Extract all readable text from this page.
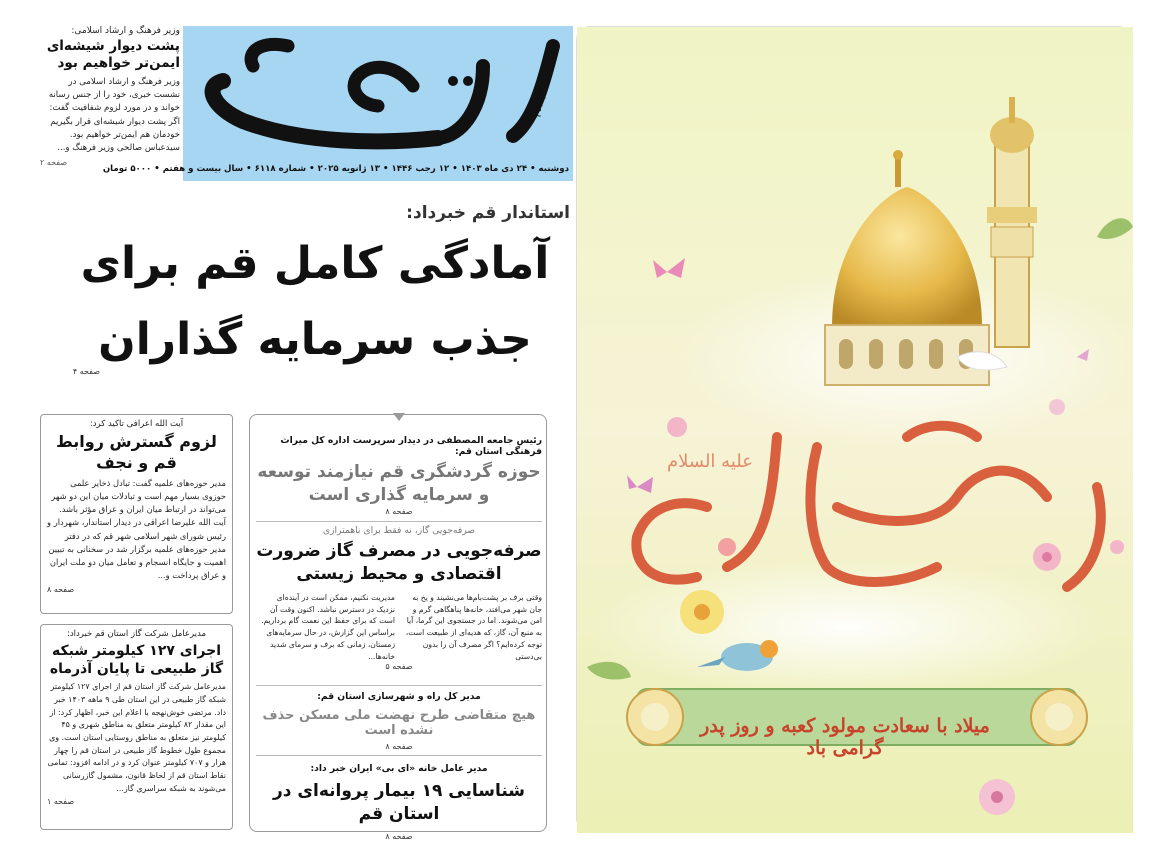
روزنامه
دوشنبه • ۲۴ دی ماه ۱۴۰۳ • ۱۲ رجب ۱۴۴۶ • ۱۳ ژانویه ۲۰۲۵ • شماره ۶۱۱۸ • سال بیست و هفتم • ۵۰۰۰ تومان
وزیر فرهنگ و ارشاد اسلامی:
پشت دیوار شیشه‌ای ایمن‌تر خواهیم بود
وزیر فرهنگ و ارشاد اسلامی در نشست خبری، خود را از جنس رسانه خواند و در مورد لزوم شفافیت گفت: اگر پشت دیوار شیشه‌ای قرار بگیریم خودمان هم ایمن‌تر خواهیم بود. سیدعباس صالحی وزیر فرهنگ و...
صفحه ۲
استاندار قم خبرداد:
آمادگی کامل قم برای
جذب سرمایه گذاران
صفحه ۴
آیت الله اعرافی تاکید کرد:
لزوم گسترش روابط قم و نجف
مدیر حوزه‌های علمیه گفت: تبادل ذخایر علمی حوزوی بسیار مهم است و تبادلات میان این دو شهر می‌تواند در ارتباط میان ایران و عراق مؤثر باشد. آیت الله علیرضا اعرافی در دیدار استاندار، شهردار و رئیس شورای شهر اسلامی شهر قم که در دفتر مدیر حوزه‌های علمیه برگزار شد در سخنانی به تبیین اهمیت و جایگاه انسجام و تعامل میان دو ملت ایران و عراق پرداخت و...
صفحه ۸
مدیرعامل شرکت گاز استان قم خبرداد:
اجرای ۱۲۷ کیلومتر شبکه گاز طبیعی تا پایان آذرماه
مدیرعامل شرکت گاز استان قم از اجرای ۱۲۷ کیلومتر شبکه گاز طبیعی در این استان طی ۹ ماهه ۱۴۰۳ خبر داد. مرتضی خوش‌نهجه با اعلام این خبر، اظهار کرد: از این مقدار ۸۲ کیلومتر متعلق به مناطق شهری و ۴۵ کیلومتر نیز متعلق به مناطق روستایی استان است. وی مجموع طول خطوط گاز طبیعی در استان قم را چهار هزار و ۷۰۷ کیلومتر عنوان کرد و در ادامه افزود: تمامی نقاط استان قم از لحاظ قانون، مشمول گازرسانی می‌شوند به شبکه سراسری گاز...
صفحه ۱
رئیس جامعه المصطفی در دیدار سرپرست اداره کل میراث فرهنگی استان قم:
حوزه گردشگری قم نیازمند توسعه و سرمایه گذاری است
صفحه ۸
صرفه‌جویی گاز، نه فقط برای ناهمترازی
صرفه‌جویی در مصرف گاز ضرورت اقتصادی و محیط زیستی
وقتی برف بر پشت‌بام‌ها می‌نشیند و یخ به جان شهر می‌افتد، خانه‌ها پناهگاهی گرم و امن می‌شوند. اما در جستجوی این گرما، آیا به منبع آن، گاز، که هدیه‌ای از طبیعت است، توجه کرده‌ایم؟ اگر مصرف آن را بدون بی‌دستی
مدیریت نکنیم، ممکن است در آینده‌ای نزدیک در دسترس نباشد. اکنون وقت آن است که برای حفظ این نعمت گام برداریم. براساس این گزارش، در حال سرمایه‌های زمستان، زمانی که برف و سرمای شدید خانه‌ها...
صفحه ۵
مدیر کل راه و شهرسازی استان قم:
هیچ متقاضی طرح نهضت ملی مسکن حذف نشده است
صفحه ۸
مدیر عامل خانه «ای بی» ایران خبر داد:
شناسایی ۱۹ بیمار پروانه‌ای در استان قم
صفحه ۸
علیه السلام
میلاد با سعادت مولود کعبه و روز پدر گرامی باد
